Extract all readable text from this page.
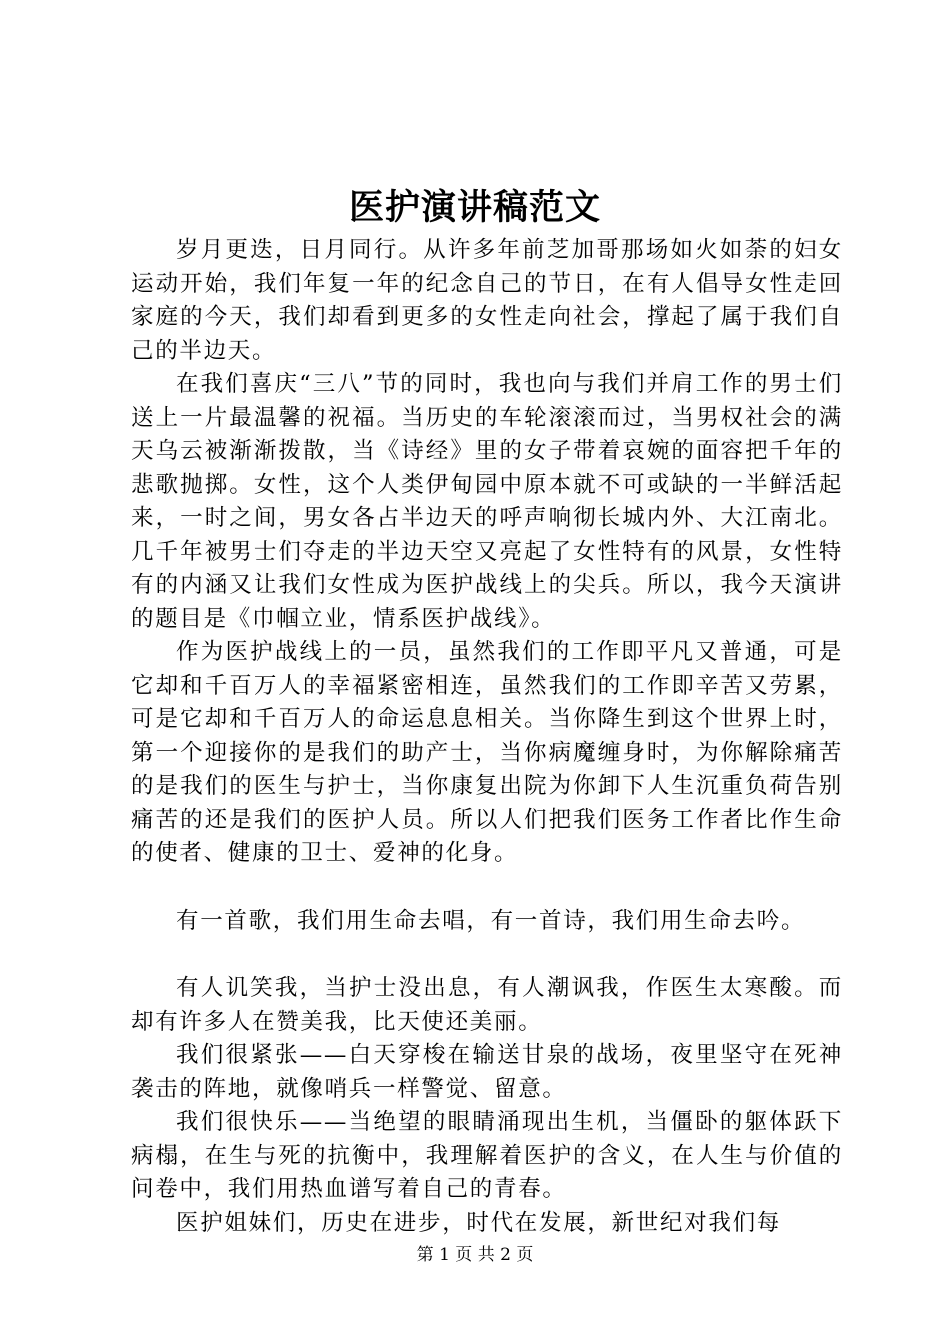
医护演讲稿范文

岁月更迭，日月同行。从许多年前芝加哥那场如火如荼的妇女运动开始，我们年复一年的纪念自己的节日，在有人倡导女性走回家庭的今天，我们却看到更多的女性走向社会，撑起了属于我们自己的半边天。

在我们喜庆“三八”节的同时，我也向与我们并肩工作的男士们送上一片最温馨的祝福。当历史的车轮滚滚而过，当男权社会的满天乌云被渐渐拨散，当《诗经》里的女子带着哀婉的面容把千年的悲歌抛掷。女性，这个人类伊甸园中原本就不可或缺的一半鲜活起来，一时之间，男女各占半边天的呼声响彻长城内外、大江南北。几千年被男士们夺走的半边天空又亮起了女性特有的风景，女性特有的内涵又让我们女性成为医护战线上的尖兵。所以，我今天演讲的题目是《巾帼立业，情系医护战线》。

作为医护战线上的一员，虽然我们的工作即平凡又普通，可是它却和千百万人的幸福紧密相连，虽然我们的工作即辛苦又劳累，可是它却和千百万人的命运息息相关。当你降生到这个世界上时，第一个迎接你的是我们的助产士，当你病魔缠身时，为你解除痛苦的是我们的医生与护士，当你康复出院为你卸下人生沉重负荷告别痛苦的还是我们的医护人员。所以人们把我们医务工作者比作生命的使者、健康的卫士、爱神的化身。

有一首歌，我们用生命去唱，有一首诗，我们用生命去吟。

有人讥笑我，当护士没出息，有人潮讽我，作医生太寒酸。而却有许多人在赞美我，比天使还美丽。

我们很紧张——白天穿梭在输送甘泉的战场，夜里坚守在死神袭击的阵地，就像哨兵一样警觉、留意。

我们很快乐——当绝望的眼睛涌现出生机，当僵卧的躯体跃下病榻，在生与死的抗衡中，我理解着医护的含义，在人生与价值的问卷中，我们用热血谱写着自己的青春。

医护姐妹们，历史在进步，时代在发展，新世纪对我们每

第 1 页 共 2 页
